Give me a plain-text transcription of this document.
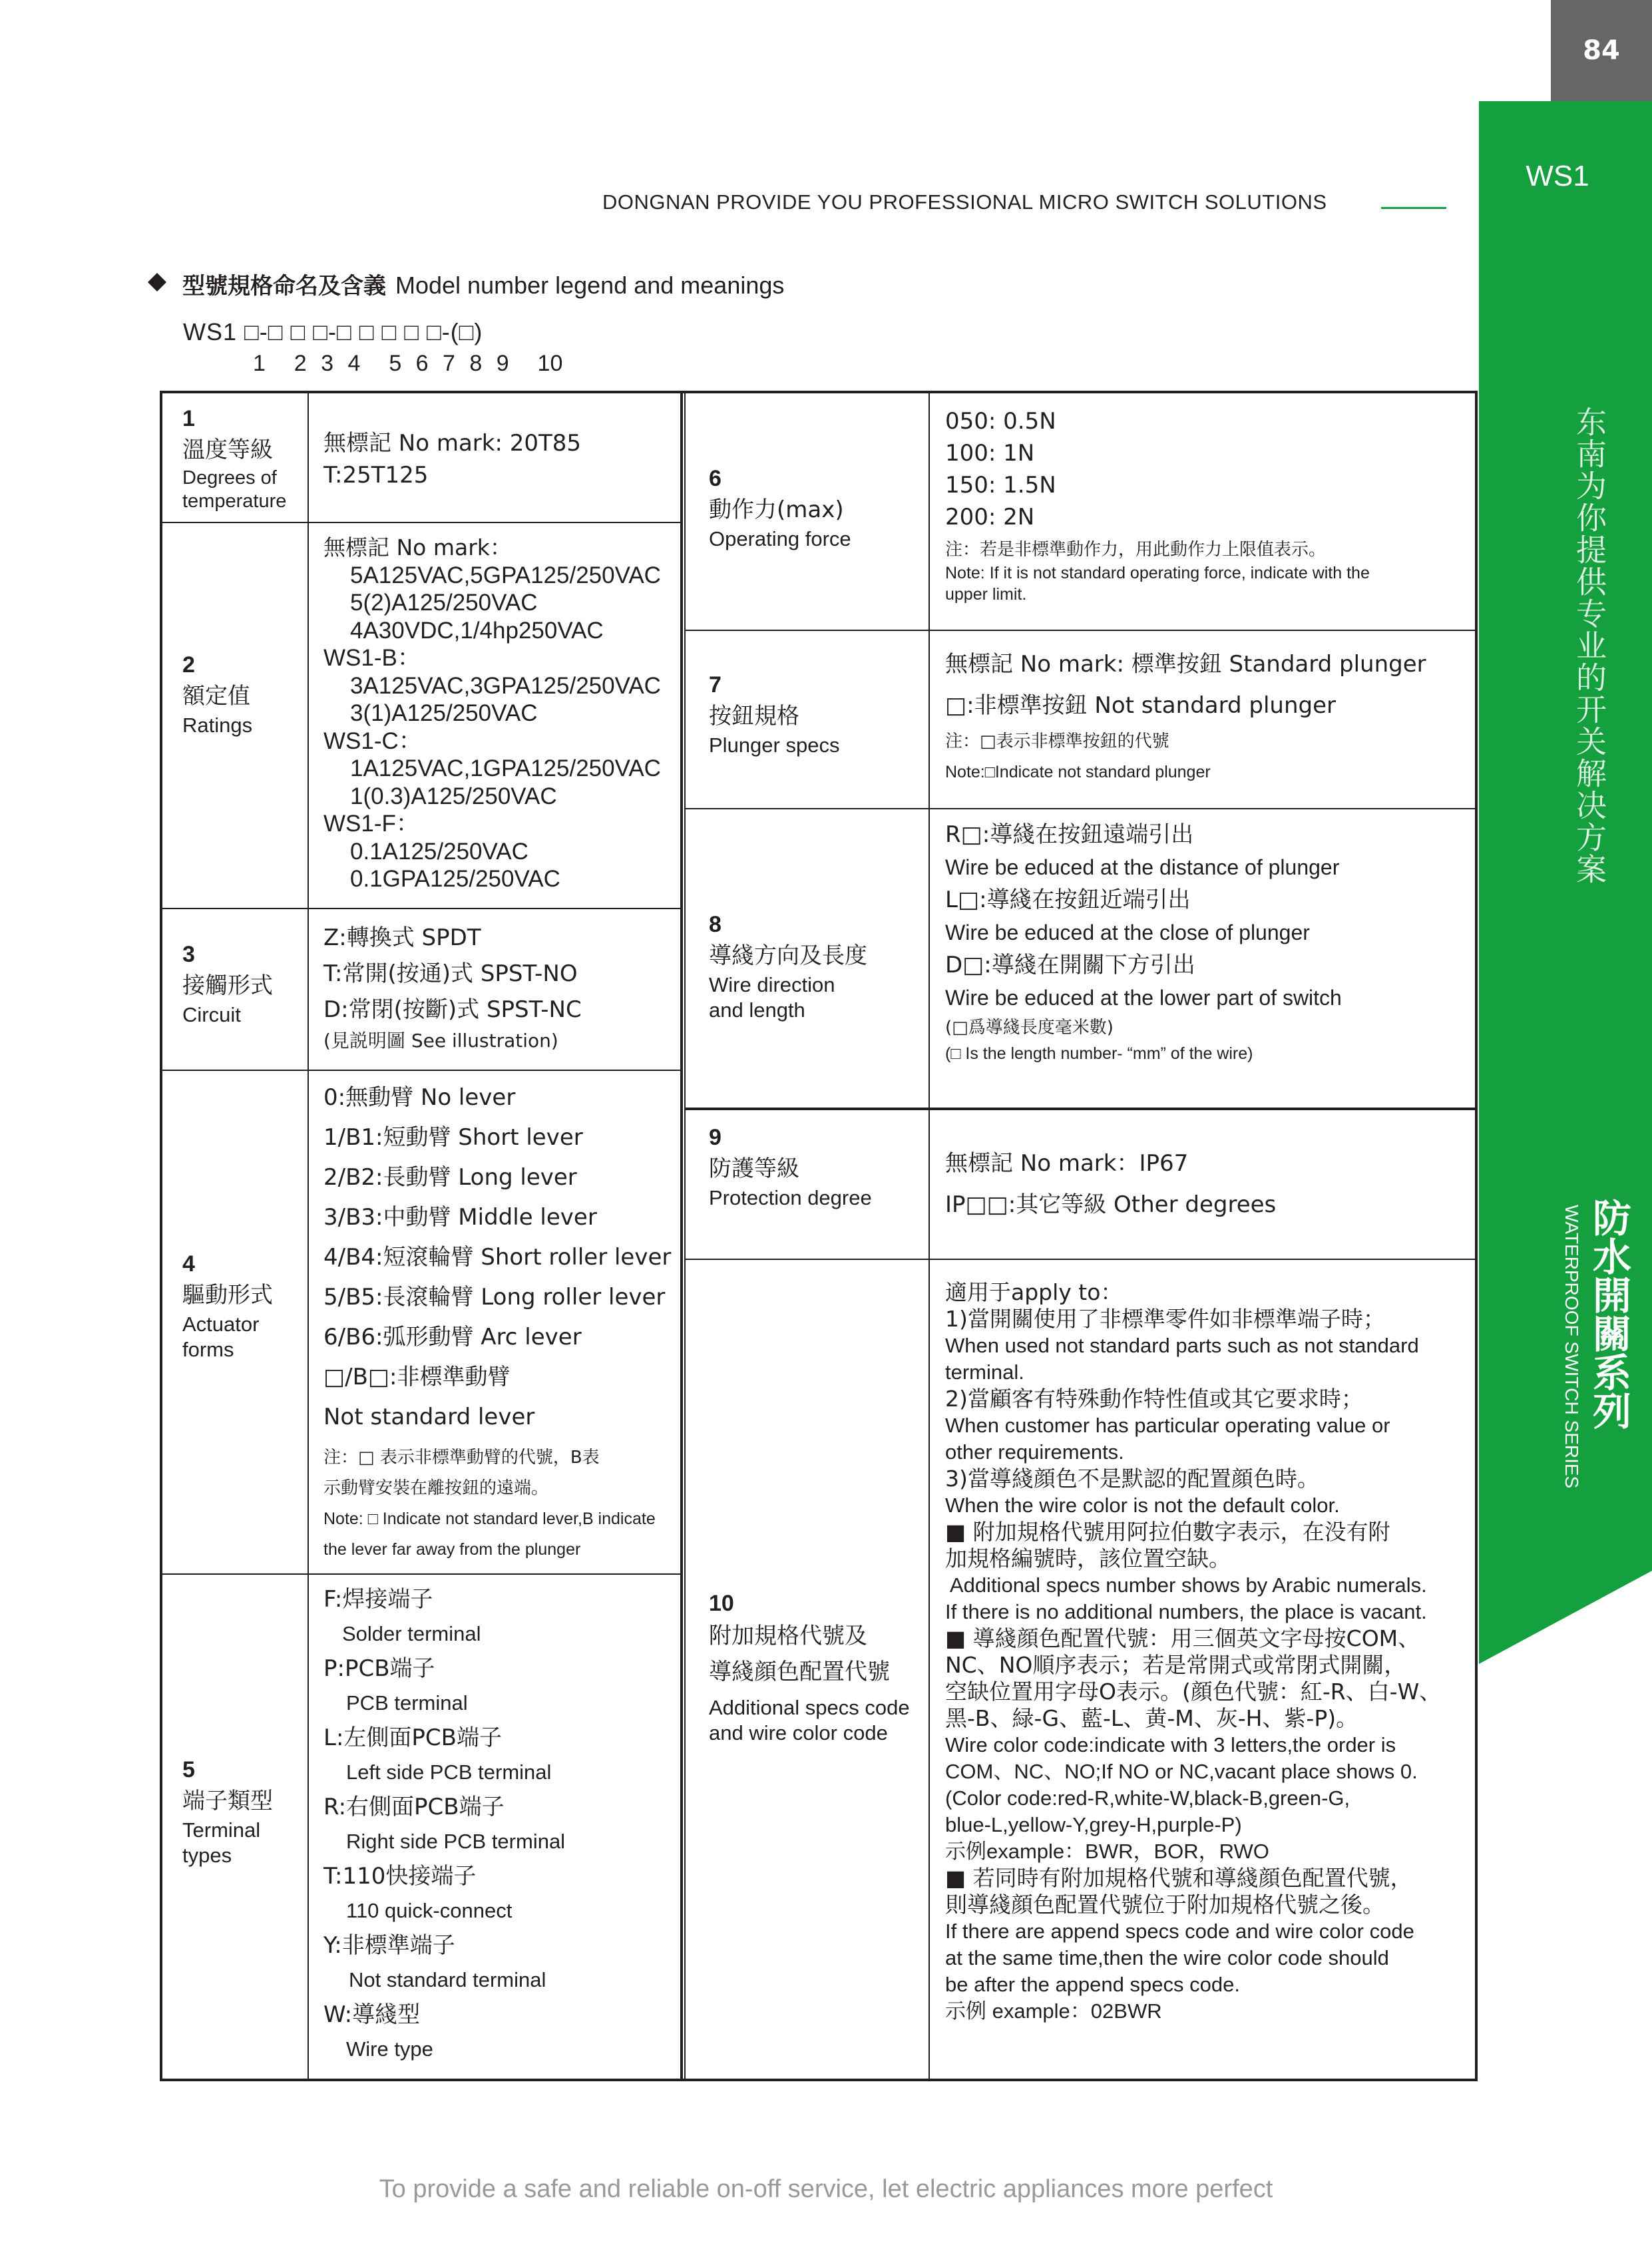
84
WS1
东南为你提供专业的开关解决方案
防水開關系列
WATERPROOF SWITCH SERIES
DONGNAN PROVIDE YOU PROFESSIONAL MICRO SWITCH SOLUTIONS
型號規格命名及含義 Model number legend and meanings
WS1 □-□ □ □-□ □ □ □ □-(□)
1  2 3 4  5 6 7 8 9  10
1
溫度等級
Degrees of
temperature
無標記 No mark: 20T85
T:25T125
2
額定值
Ratings
無標記 No mark：
5A125VAC,5GPA125/250VAC
5(2)A125/250VAC
4A30VDC,1/4hp250VAC
WS1-B：
3A125VAC,3GPA125/250VAC
3(1)A125/250VAC
WS1-C：
1A125VAC,1GPA125/250VAC
1(0.3)A125/250VAC
WS1-F：
0.1A125/250VAC
0.1GPA125/250VAC
3
接觸形式
Circuit
Z:轉換式 SPDT
T:常開(按通)式 SPST-NO
D:常閉(按斷)式 SPST-NC
(見説明圖 See illustration)
4
驅動形式
Actuator
forms
0:無動臂 No lever
1/B1:短動臂 Short lever
2/B2:長動臂 Long lever
3/B3:中動臂 Middle lever
4/B4:短滾輪臂 Short roller lever
5/B5:長滾輪臂 Long roller lever
6/B6:弧形動臂 Arc lever
□/B□:非標準動臂
Not standard lever
注：□ 表示非標準動臂的代號，B表
示動臂安裝在離按鈕的遠端。
Note: □ Indicate not standard lever,B indicate
the lever far away from the plunger
5
端子類型
Terminal
types
F:焊接端子
Solder terminal
P:PCB端子
PCB terminal
L:左側面PCB端子
Left side PCB terminal
R:右側面PCB端子
Right side PCB terminal
T:110快接端子
110 quick-connect
Y:非標準端子
Not standard terminal
W:導綫型
Wire type
6
動作力(max)
Operating force
050: 0.5N
100: 1N
150: 1.5N
200: 2N
注：若是非標準動作力，用此動作力上限值表示。
Note: If it is not standard operating force, indicate with the
upper limit.
7
按鈕規格
Plunger specs
無標記 No mark: 標準按鈕 Standard plunger
□:非標準按鈕 Not standard plunger
注：□表示非標準按鈕的代號
Note:□Indicate not standard plunger
8
導綫方向及長度
Wire direction
and length
R□:導綫在按鈕遠端引出
Wire be educed at the distance of plunger
L□:導綫在按鈕近端引出
Wire be educed at the close of plunger
D□:導綫在開關下方引出
Wire be educed at the lower part of switch
(□爲導綫長度毫米數)
(□ Is the length number- “mm” of the wire)
9
防護等級
Protection degree
無標記 No mark：IP67
IP□□:其它等級 Other degrees
10
附加規格代號及
導綫顔色配置代號
Additional specs code
and wire color code
適用于apply to：
1)當開關使用了非標準零件如非標準端子時；
When used not standard parts such as not standard
terminal.
2)當顧客有特殊動作特性值或其它要求時；
When customer has particular operating value or
other requirements.
3)當導綫顔色不是默認的配置顔色時。
When the wire color is not the default color.
■ 附加規格代號用阿拉伯數字表示，在没有附
加規格編號時，該位置空缺。
Additional specs number shows by Arabic numerals.
If there is no additional numbers, the place is vacant.
■ 導綫顔色配置代號：用三個英文字母按COM、
NC、NO順序表示；若是常開式或常閉式開關，
空缺位置用字母O表示。(顔色代號：紅-R、白-W、
黑-B、緑-G、藍-L、黄-M、灰-H、紫-P)。
Wire color code:indicate with 3 letters,the order is
COM、NC、NO;If NO or NC,vacant place shows 0.
(Color code:red-R,white-W,black-B,green-G,
blue-L,yellow-Y,grey-H,purple-P)
示例example：BWR，BOR，RWO
■ 若同時有附加規格代號和導綫顔色配置代號，
則導綫顔色配置代號位于附加規格代號之後。
If there are append specs code and wire color code
at the same time,then the wire color code should
be after the append specs code.
示例 example：02BWR
To provide a safe and reliable on-off service, let electric appliances more perfect
